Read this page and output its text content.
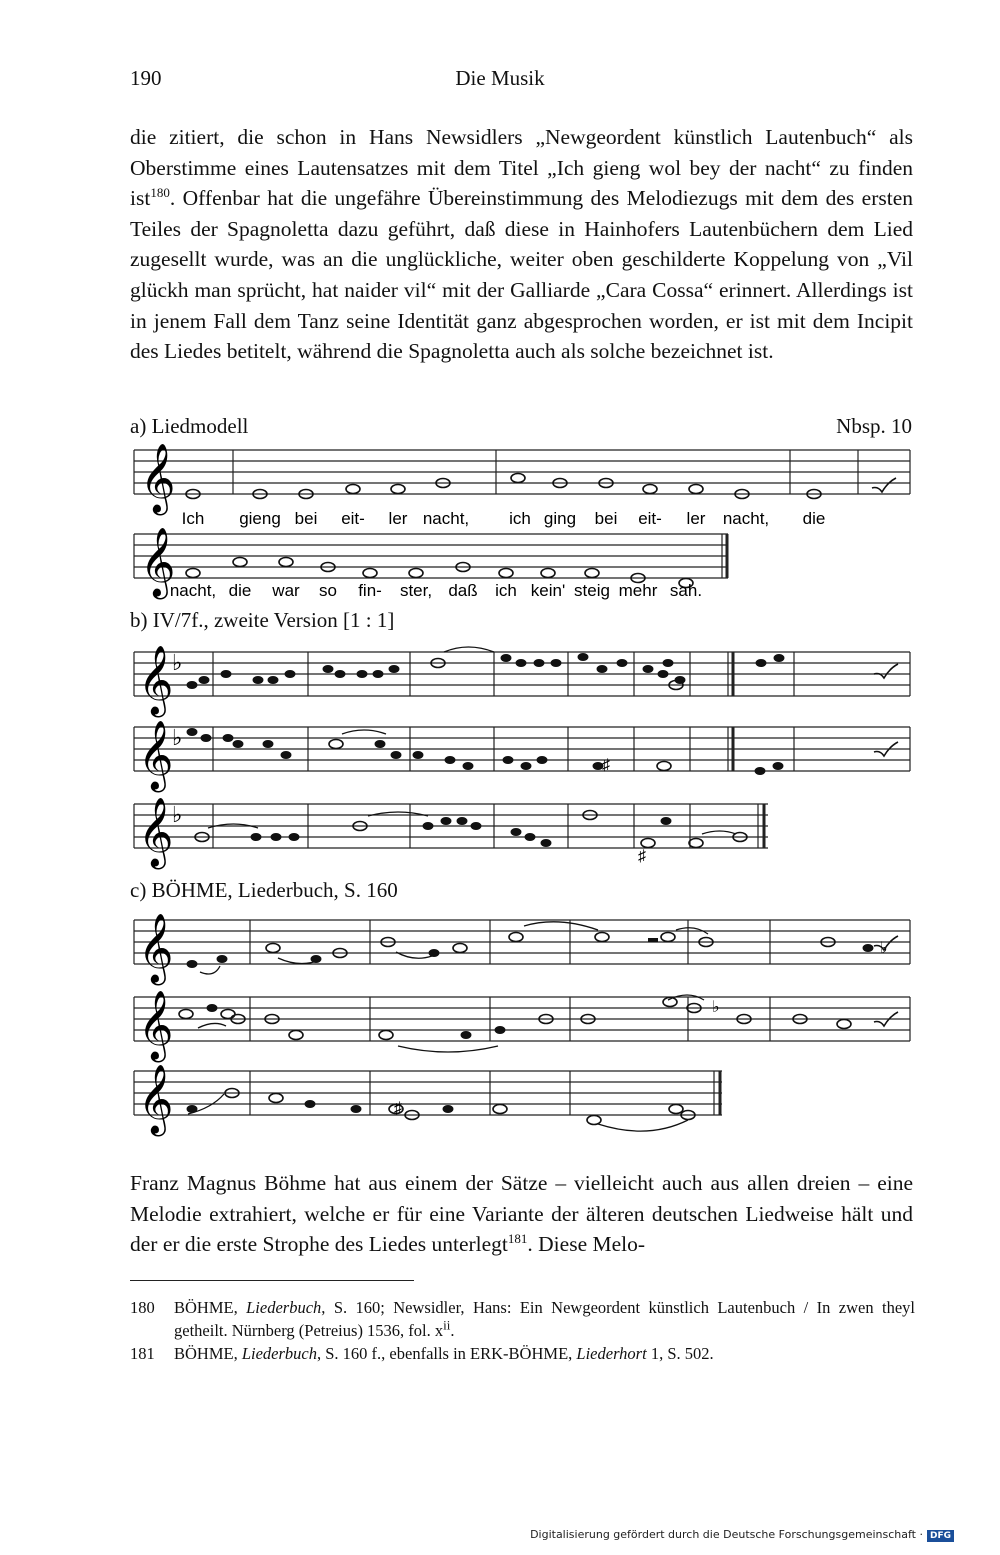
190	Die Musik

die zitiert, die schon in Hans Newsidlers „Newgeordent künstlich Lautenbuch“ als Oberstimme eines Lautensatzes mit dem Titel „Ich gieng wol bey der nacht“ zu finden ist$^{180}$. Offenbar hat die ungefähre Übereinstimmung des Melodiezugs mit dem des ersten Teiles der Spagnoletta dazu geführt, daß diese in Hainhofers Lautenbüchern dem Lied zugesellt wurde, was an die unglückliche, weiter oben geschilderte Koppelung von „Vil glückh man sprücht, hat naider vil“ mit der Galliarde „Cara Cossa“ erinnert. Allerdings ist in jenem Fall dem Tanz seine Identität ganz abgesprochen worden, er ist mit dem Incipit des Liedes betitelt, während die Spagnoletta auch als solche bezeichnet ist.

a) Liedmodell	Nbsp. 10
𝄞
𝄞
Ich gieng bei eit- ler nacht, ich ging bei eit- ler nacht, die
nacht, die war so fin- ster, daß ich kein' steig mehr sah.
b) IV/7f., zweite Version [1 : 1]
𝄞
𝄞
𝄞
♭
♭
♭
♯
♯
c) BÖHME, Liederbuch, S. 160
𝄞
𝄞
𝄞
♭
♭
♯

Franz Magnus Böhme hat aus einem der Sätze – vielleicht auch aus allen dreien – eine Melodie extrahiert, welche er für eine Variante der älteren deutschen Liedweise hält und der er die erste Strophe des Liedes unterlegt$^{181}$. Diese Melo-

180 BÖHME, Liederbuch, S. 160; Newsidler, Hans: Ein Newgeordent künstlich Lautenbuch / In zwen theyl getheilt. Nürnberg (Petreius) 1536, fol. $x^{ii}$.
181 BÖHME, Liederbuch, S. 160 f., ebenfalls in ERK-BÖHME, Liederhort 1, S. 502.
Digitalisierung gefördert durch die Deutsche Forschungsgemeinschaft · DFG
